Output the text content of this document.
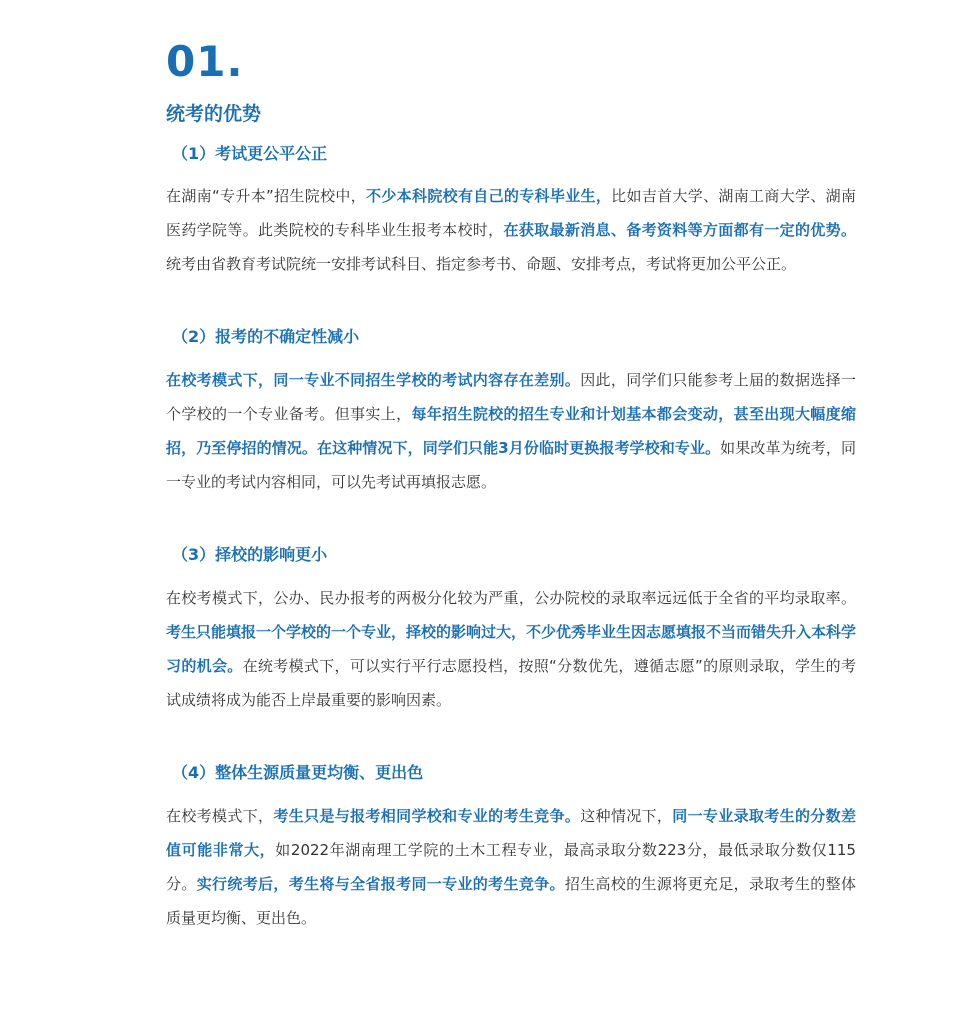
01.
统考的优势
（1）考试更公平公正

在湖南“专升本”招生院校中，不少本科院校有自己的专科毕业生，比如吉首大学、湖南工商大学、湖南医药学院等。此类院校的专科毕业生报考本校时，在获取最新消息、备考资料等方面都有一定的优势。统考由省教育考试院统一安排考试科目、指定参考书、命题、安排考点，考试将更加公平公正。

（2）报考的不确定性减小

在校考模式下，同一专业不同招生学校的考试内容存在差别。因此，同学们只能参考上届的数据选择一个学校的一个专业备考。但事实上，每年招生院校的招生专业和计划基本都会变动，甚至出现大幅度缩招，乃至停招的情况。在这种情况下，同学们只能3月份临时更换报考学校和专业。如果改革为统考，同一专业的考试内容相同，可以先考试再填报志愿。

（3）择校的影响更小

在校考模式下，公办、民办报考的两极分化较为严重，公办院校的录取率远远低于全省的平均录取率。考生只能填报一个学校的一个专业，择校的影响过大，不少优秀毕业生因志愿填报不当而错失升入本科学习的机会。在统考模式下，可以实行平行志愿投档，按照“分数优先，遵循志愿”的原则录取，学生的考试成绩将成为能否上岸最重要的影响因素。

（4）整体生源质量更均衡、更出色

在校考模式下，考生只是与报考相同学校和专业的考生竞争。这种情况下，同一专业录取考生的分数差值可能非常大，如2022年湖南理工学院的土木工程专业，最高录取分数223分，最低录取分数仅115分。实行统考后，考生将与全省报考同一专业的考生竞争。招生高校的生源将更充足，录取考生的整体质量更均衡、更出色。
